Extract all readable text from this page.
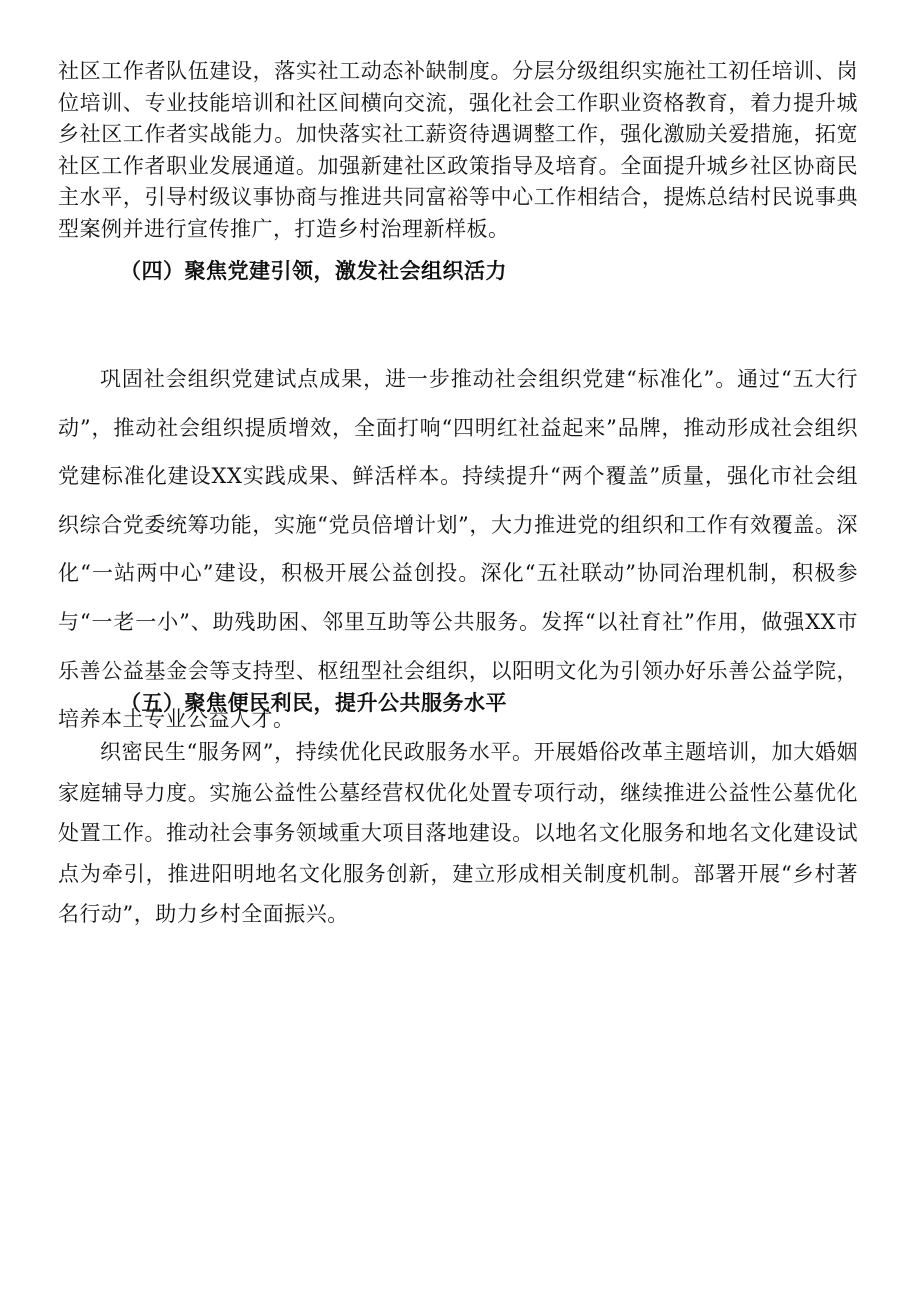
社区工作者队伍建设，落实社工动态补缺制度。分层分级组织实施社工初任培训、岗位培训、专业技能培训和社区间横向交流，强化社会工作职业资格教育，着力提升城乡社区工作者实战能力。加快落实社工薪资待遇调整工作，强化激励关爱措施，拓宽社区工作者职业发展通道。加强新建社区政策指导及培育。全面提升城乡社区协商民主水平，引导村级议事协商与推进共同富裕等中心工作相结合，提炼总结村民说事典型案例并进行宣传推广，打造乡村治理新样板。

（四）聚焦党建引领，激发社会组织活力

巩固社会组织党建试点成果，进一步推动社会组织党建“标准化”。通过“五大行动”，推动社会组织提质增效，全面打响“四明红社益起来”品牌，推动形成社会组织党建标准化建设XX实践成果、鲜活样本。持续提升“两个覆盖”质量，强化市社会组织综合党委统筹功能，实施“党员倍增计划”，大力推进党的组织和工作有效覆盖。深化“一站两中心”建设，积极开展公益创投。深化“五社联动”协同治理机制，积极参与“一老一小”、助残助困、邻里互助等公共服务。发挥“以社育社”作用，做强XX市乐善公益基金会等支持型、枢纽型社会组织，以阳明文化为引领办好乐善公益学院，培养本土专业公益人才。

（五）聚焦便民利民，提升公共服务水平

织密民生“服务网”，持续优化民政服务水平。开展婚俗改革主题培训，加大婚姻家庭辅导力度。实施公益性公墓经营权优化处置专项行动，继续推进公益性公墓优化处置工作。推动社会事务领域重大项目落地建设。以地名文化服务和地名文化建设试点为牵引，推进阳明地名文化服务创新，建立形成相关制度机制。部署开展“乡村著名行动”，助力乡村全面振兴。
